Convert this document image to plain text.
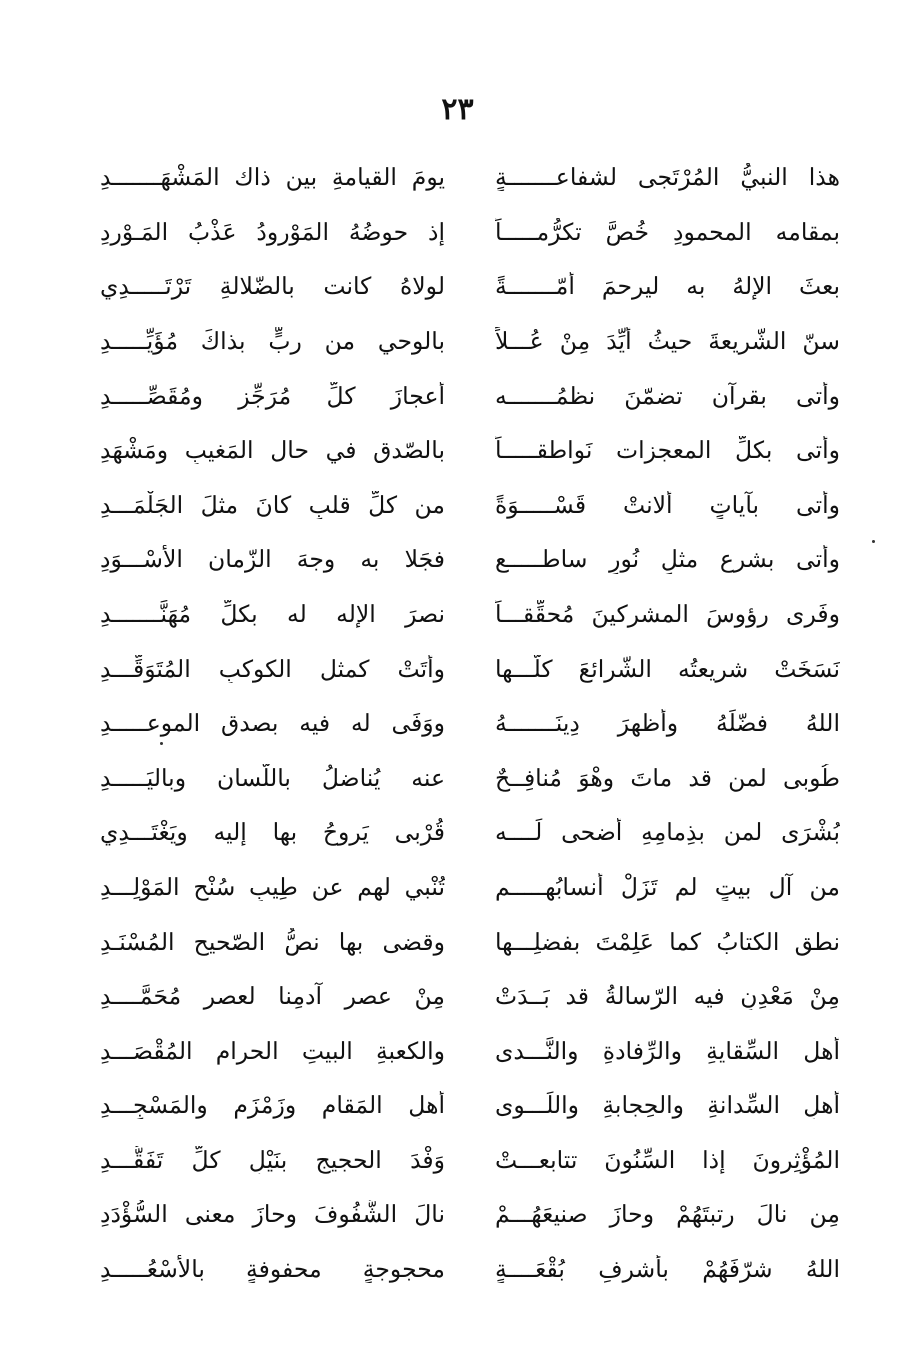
٢٣
هذا النبيُّ المُرْتَجى لشفاعـــــــةٍ
يومَ القيامةِ بين ذاك المَشْهَـــــــدِ
بمقامه المحمودِ خُصَّ تكرُّمـــــاً
إذ حوضُهُ المَوْرودُ عَذْبُ المَـوْرِدِ
بعثَ الإلهُ به ليرحمَ أمّـــــــةً
لولاهُ كانت بالضّلالةِ تَرْتَـــــدِي
سنّ الشّريعةَ حيثُ أُيِّدَ مِنْ عُـــلاً
بالوحي من ربٍّ بذاكَ مُؤَيِّـــــدِ
وأتى بقرآن تضمّنَ نظمُـــــــه
أعجازَ كلِّ مُرَجِّزٍ ومُقَصِّـــــدِ
وأتى بكلِّ المعجزات نَواطقـــــاً
بالصّدق في حال المَغيبِ ومَشْهَدِ
وأتى بآياتٍ ألانتْ قَسْـــــوَةً
من كلِّ قلبٍ كانَ مثلَ الجَلْمَـــدِ
وأتى بشرعٍ مثلِ نُورٍ ساطـــــعٍ
فجَلا به وجهَ الزّمان الأسْـــوَدِ
وفَرى رؤوسَ المشركينَ مُحقِّقـــاً
نصرَ الإله له بكلِّ مُهَنَّـــــــدِ
نَسَخَتْ شريعتُه الشّرائعَ كلَّـــها
وأَتَتْ كمثل الكوكبِ المُتَوَقِّـــدِ
اللهُ فضّلَهُ وأظهرَ دِينَـــــــهُ
ووَفَى له فيه بصدق الموعـــــدِ
طُوبى لمن قد ماتَ وهْوَ مُنافِــحٌ
عنه يُناضلُ باللّسان وباليَـــــدِ
بُشْرَى لمن بذِمامِهِ أضحى لَــــه
قُرْبى يَروحُ بها إليه ويَغْتَـــدِي
من آل بيتٍ لم تَزَلْ أنسابُهـــــم
تُنْبي لهم عن طِيبِ سُنْحِ المَوْلِـــدِ
نطق الكتابُ كما عَلِمْتَ بفضلِـــها
وقضى بها نصُّ الصّحيح المُسْنَـدِ
مِنْ مَعْدِنٍ فيه الرّسالةُ قد بَــدَتْ
مِنْ عصر آدمِنا لعصر مُحَمَّــــدِ
أهل السِّقايةِ والرِّفادةِ والنَّـــدى
والكعبةِ البيتِ الحرام المُقْصَـــدِ
أهلِ السِّدانةِ والحِجابةِ واللِّـــوى
أهلِ المَقامِ وزَمْزَمٍ والمَسْجِـــدِ
المُؤْثِرونَ إذا السِّنُونَ تتابعـــتْ
وَفْدَ الحجيجِ بنَيْلِ كلِّ تَفَقُّـــدِ
مِن نالَ رتبتَهُمْ وحازَ صنيعَهُـــمْ
نالَ الشُّفُوفَ وحازَ معنى السُّؤْدَدِ
اللهُ شرّفَهُمْ بأشرفِ بُقْعَــــةٍ
محجوجةٍ محفوفةٍ بالأَسْعُـــــدِ
